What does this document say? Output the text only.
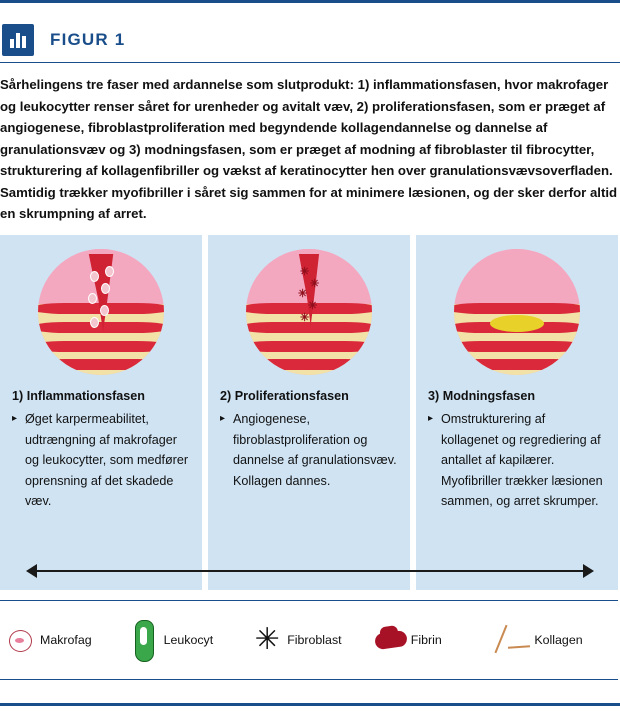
FIGUR 1
Sårhelingens tre faser med ardannelse som slutprodukt: 1) inflammationsfasen, hvor makrofager og leukocytter renser såret for urenheder og avitalt væv, 2) proliferationsfasen, som er præget af angiogenese, fibroblastproliferation med begyndende kollagendannelse og dannelse af granulationsvæv og 3) modningsfasen, som er præget af modning af fibroblaster til fibrocytter, strukturering af kollagenfibriller og vækst af keratinocytter hen over granulationsvævsoverfladen. Samtidig trækker myofibriller i såret sig sammen for at minimere læsionen, og der sker derfor altid en skrumpning af arret.
1) Inflammationsfasen
▸ Øget karpermeabilitet, udtrængning af makrofager og leukocytter, som medfører oprensning af det skadede væv.
✳
✳
✳
✳
✳
2) Proliferationsfasen
▸ Angiogenese, fibroblastproliferation og dannelse af granulationsvæv. Kollagen dannes.
3) Modningsfasen
▸ Omstrukturering af kollagenet og regrediering af antallet af kapilærer. Myofibriller trækker læsionen sammen, og arret skrumper.
Makrofag	Leukocyt ✳ Fibroblast	Fibrin	Kollagen
